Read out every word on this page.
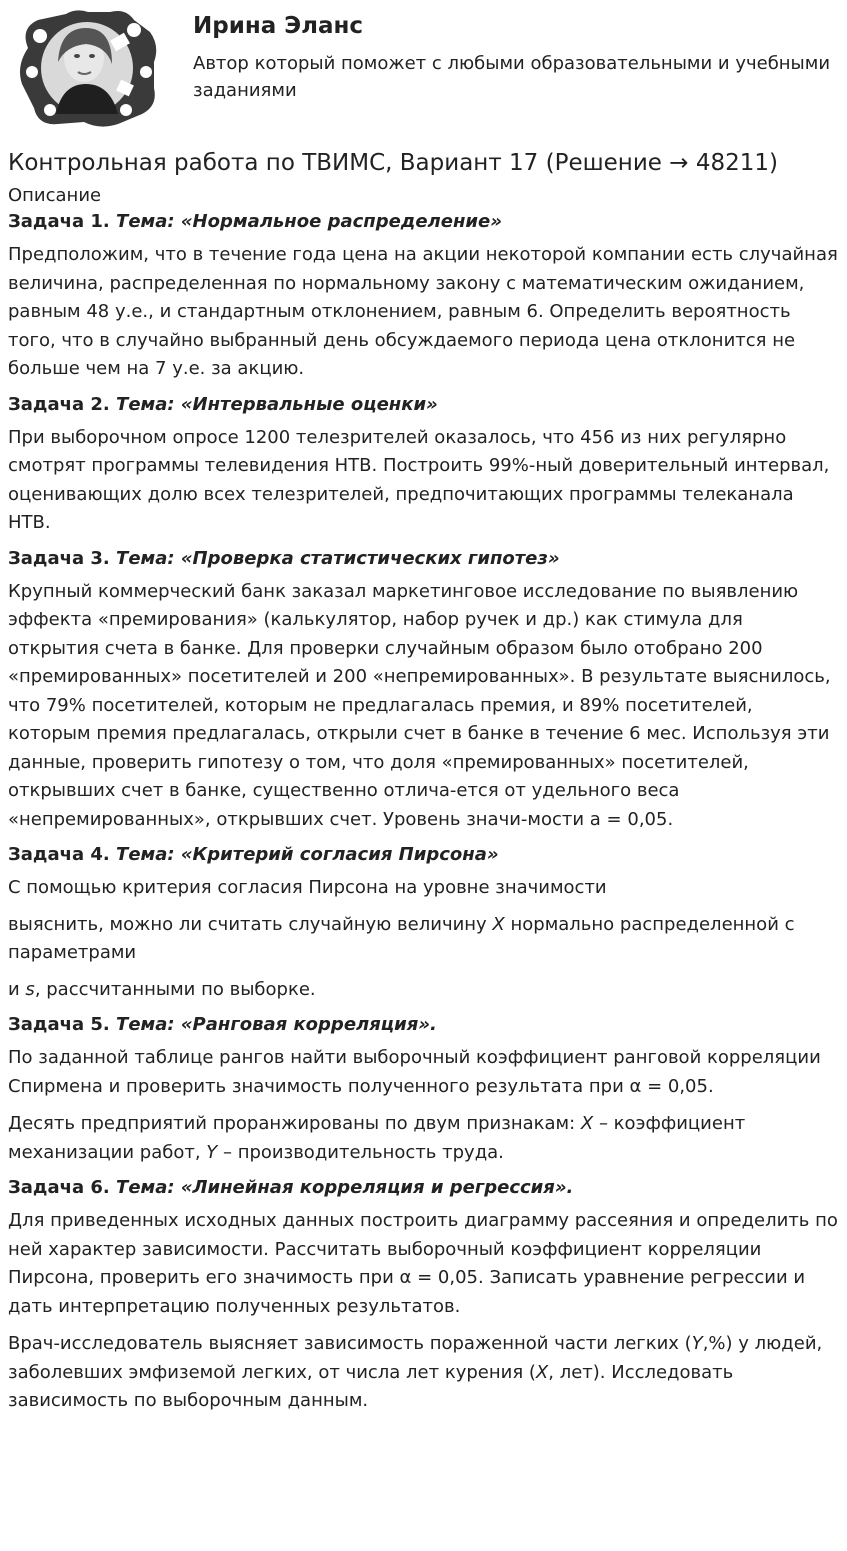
Ирина Эланс
Автор который поможет с любыми образовательными и учебными заданиями
Контрольная работа по ТВИМС, Вариант 17 (Решение → 48211)
Описание
Задача 1. Тема: «Нормальное распределение»

Предположим, что в течение года цена на акции некоторой компании есть случайная величина, распределенная по нормальному закону с математическим ожиданием, равным 48 у.е., и стандартным отклонением, равным 6. Определить вероятность того, что в случайно выбранный день обсуждаемого периода цена отклонится не больше чем на 7 у.е. за акцию.

Задача 2. Тема: «Интервальные оценки»

При выборочном опросе 1200 телезрителей оказалось, что 456 из них регулярно смотрят программы телевидения НТВ. Построить 99%-ный доверительный интервал, оценивающих долю всех телезрителей, предпочитающих программы телеканала НТВ.

Задача 3. Тема: «Проверка статистических гипотез»

Крупный коммерческий банк заказал маркетинговое исследование по выявлению эффекта «премирования» (калькулятор, набор ручек и др.) как стимула для открытия счета в банке. Для проверки случайным образом было отобрано 200 «премированных» посетителей и 200 «непремированных». В результате выяснилось, что 79% посетителей, которым не предлагалась премия, и 89% посетителей, которым премия предлагалась, открыли счет в банке в течение 6 мес. Используя эти данные, проверить гипотезу о том, что доля «премированных» посетителей, открывших счет в банке, существенно отлича-ется от удельного веса «непремированных», открывших счет. Уровень значи-мости а = 0,05.

Задача 4. Тема: «Критерий согласия Пирсона»

С помощью критерия согласия Пирсона на уровне значимости

выяснить, можно ли считать случайную величину X нормально распределенной с параметрами

и s, рассчитанными по выборке.

Задача 5. Тема: «Ранговая корреляция».

По заданной таблице рангов найти выборочный коэффициент ранговой корреляции Спирмена и проверить значимость полученного результата при α = 0,05.

Десять предприятий проранжированы по двум признакам: X – коэффициент механизации работ, Y – производительность труда.

Задача 6. Тема: «Линейная корреляция и регрессия».

Для приведенных исходных данных построить диаграмму рассеяния и определить по ней характер зависимости. Рассчитать выборочный коэффициент корреляции Пирсона, проверить его значимость при α = 0,05. Записать уравнение регрессии и дать интерпретацию полученных результатов.

Врач-исследователь выясняет зависимость пораженной части легких (Y,%) у людей, заболевших эмфиземой легких, от числа лет курения (X, лет). Исследовать зависимость по выборочным данным.
